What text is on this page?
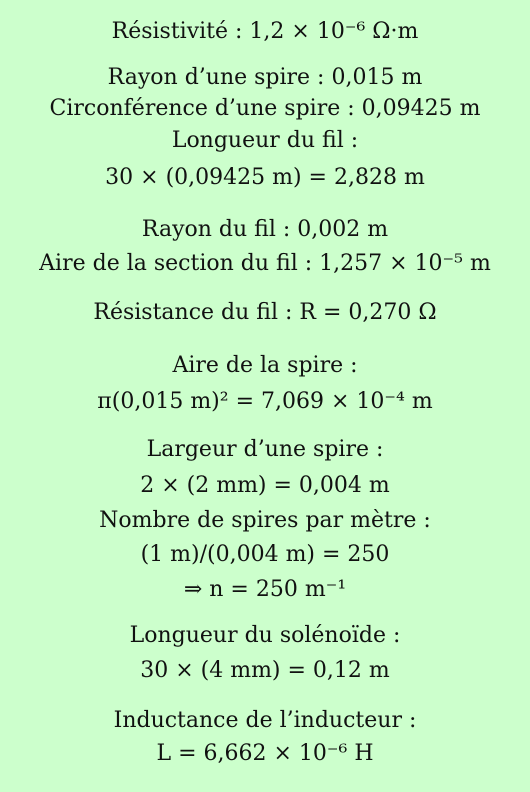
Résistivité : 1,2 × 10⁻⁶ Ω·m
Rayon d’une spire : 0,015 m
Circonférence d’une spire : 0,09425 m
Longueur du fil :
30 × (0,09425 m) = 2,828 m
Rayon du fil : 0,002 m
Aire de la section du fil : 1,257 × 10⁻⁵ m
Résistance du fil : R = 0,270 Ω
Aire de la spire :
π(0,015 m)² = 7,069 × 10⁻⁴ m
Largeur d’une spire :
2 × (2 mm) = 0,004 m
Nombre de spires par mètre :
(1 m)/(0,004 m) = 250
⇒ n = 250 m⁻¹
Longueur du solénoïde :
30 × (4 mm) = 0,12 m
Inductance de l’inducteur :
L = 6,662 × 10⁻⁶ H
